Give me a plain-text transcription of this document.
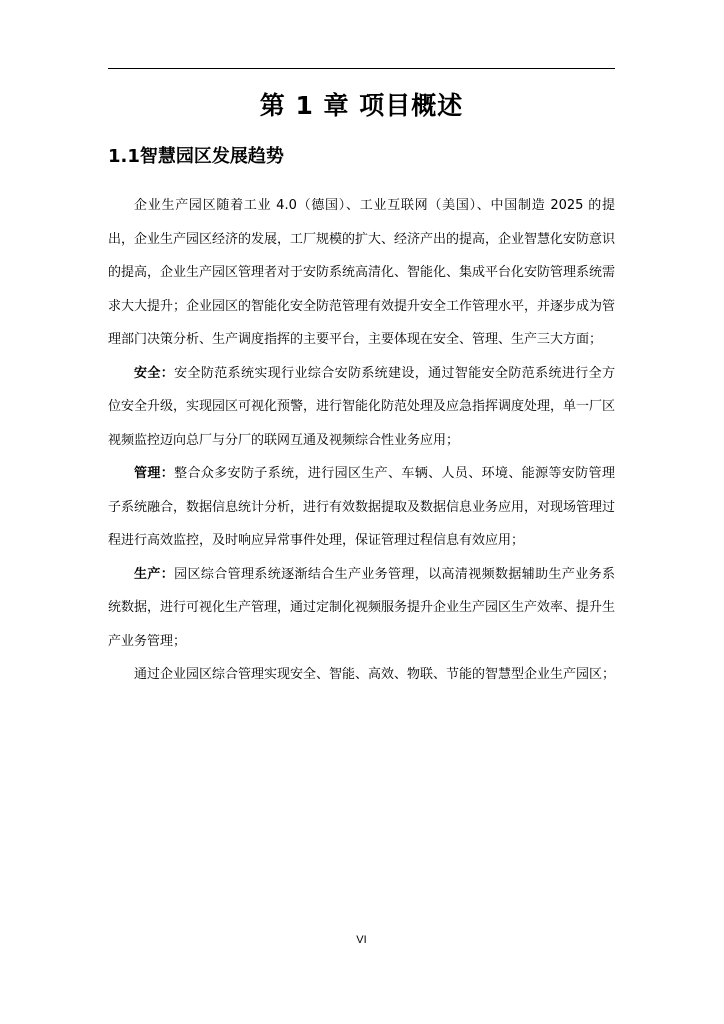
第 1 章 项目概述
1.1智慧园区发展趋势

企业生产园区随着工业 4.0（德国）、工业互联网（美国）、中国制造 2025 的提出，企业生产园区经济的发展，工厂规模的扩大、经济产出的提高，企业智慧化安防意识的提高，企业生产园区管理者对于安防系统高清化、智能化、集成平台化安防管理系统需求大大提升；企业园区的智能化安全防范管理有效提升安全工作管理水平，并逐步成为管理部门决策分析、生产调度指挥的主要平台，主要体现在安全、管理、生产三大方面；

安全：安全防范系统实现行业综合安防系统建设，通过智能安全防范系统进行全方位安全升级，实现园区可视化预警，进行智能化防范处理及应急指挥调度处理，单一厂区视频监控迈向总厂与分厂的联网互通及视频综合性业务应用；

管理：整合众多安防子系统，进行园区生产、车辆、人员、环境、能源等安防管理子系统融合，数据信息统计分析，进行有效数据提取及数据信息业务应用，对现场管理过程进行高效监控，及时响应异常事件处理，保证管理过程信息有效应用；

生产：园区综合管理系统逐渐结合生产业务管理，以高清视频数据辅助生产业务系统数据，进行可视化生产管理，通过定制化视频服务提升企业生产园区生产效率、提升生产业务管理；

通过企业园区综合管理实现安全、智能、高效、物联、节能的智慧型企业生产园区；

VI
